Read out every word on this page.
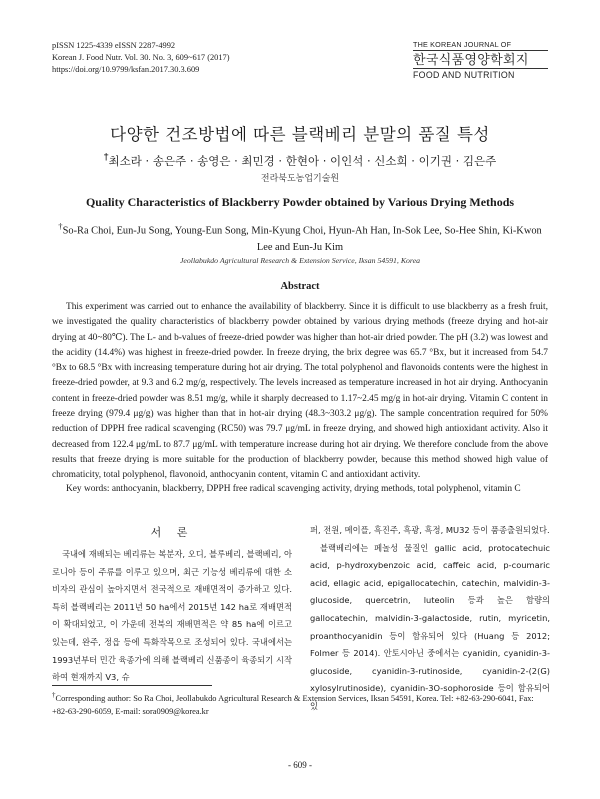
pISSN 1225-4339 eISSN 2287-4992
Korean J. Food Nutr. Vol. 30. No. 3, 609~617 (2017)
https://doi.org/10.9799/ksfan.2017.30.3.609
THE KOREAN JOURNAL OF
한국식품영양학회지
FOOD AND NUTRITION
다양한 건조방법에 따른 블랙베리 분말의 품질 특성
†최소라 · 송은주 · 송영은 · 최민경 · 한현아 · 이인석 · 신소희 · 이기권 · 김은주
전라북도농업기술원
Quality Characteristics of Blackberry Powder obtained by Various Drying Methods
†So-Ra Choi, Eun-Ju Song, Young-Eun Song, Min-Kyung Choi, Hyun-Ah Han, In-Sok Lee, So-Hee Shin, Ki-Kwon Lee and Eun-Ju Kim
Jeollabukdo Agricultural Research & Extension Service, Iksan 54591, Korea
Abstract

This experiment was carried out to enhance the availability of blackberry. Since it is difficult to use blackberry as a fresh fruit, we investigated the quality characteristics of blackberry powder obtained by various drying methods (freeze drying and hot-air drying at 40~80℃). The L- and b-values of freeze-dried powder was higher than hot-air dried powder. The pH (3.2) was lowest and the acidity (14.4%) was highest in freeze-dried powder. In freeze drying, the brix degree was 65.7 °Bx, but it increased from 54.7 °Bx to 68.5 °Bx with increasing temperature during hot air drying. The total polyphenol and flavonoids contents were the highest in freeze-dried powder, at 9.3 and 6.2 mg/g, respectively. The levels increased as temperature increased in hot air drying. Anthocyanin content in freeze-dried powder was 8.51 mg/g, while it sharply decreased to 1.17~2.45 mg/g in hot-air drying. Vitamin C content in freeze drying (979.4 μg/g) was higher than that in hot-air drying (48.3~303.2 μg/g). The sample concentration required for 50% reduction of DPPH free radical scavenging (RC50) was 79.7 μg/mL in freeze drying, and showed high antioxidant activity. Also it decreased from 122.4 μg/mL to 87.7 μg/mL with temperature increase during hot air drying. We therefore conclude from the above results that freeze drying is more suitable for the production of blackberry powder, because this method showed high value of chromaticity, total polyphenol, flavonoid, anthocyanin content, vitamin C and antioxidant activity.

Key words: anthocyanin, blackberry, DPPH free radical scavenging activity, drying methods, total polyphenol, vitamin C
서 론

국내에 재배되는 베리류는 복분자, 오디, 블루베리, 블랙베리, 아로니아 등이 주류를 이루고 있으며, 최근 기능성 베리류에 대한 소비자의 관심이 높아지면서 전국적으로 재배면적이 증가하고 있다. 특히 블랙베리는 2011년 50 ha에서 2015년 142 ha로 재배면적이 확대되었고, 이 가운데 전북의 재배면적은 약 85 ha에 이르고 있는데, 완주, 정읍 등에 특화작목으로 조성되어 있다. 국내에서는 1993년부터 민간 육종가에 의해 블랙베리 신품종이 육종되기 시작하여 현재까지 V3, 슈

퍼, 전원, 메이플, 흑진주, 흑광, 흑정, MU32 등이 품종출원되었다.

블랙베리에는 페놀성 물질인 gallic acid, protocatechuic acid, p-hydroxybenzoic acid, caffeic acid, p-coumaric acid, ellagic acid, epigallocatechin, catechin, malvidin-3-glucoside, quercetrin, luteolin 등과 높은 함량의 gallocatechin, malvidin-3-galactoside, rutin, myricetin, proanthocyanidin 등이 함유되어 있다 (Huang 등 2012; Folmer 등 2014). 안토시아닌 중에서는 cyanidin, cyanidin-3-glucoside, cyanidin-3-rutinoside, cyanidin-2-(2(G) xylosylrutinoside), cyanidin-3O-sophoroside 등이 함유되어 있

†Corresponding author: So Ra Choi, Jeollabukdo Agricultural Research & Extension Services, Iksan 54591, Korea. Tel: +82-63-290-6041, Fax: +82-63-290-6059, E-mail: sora0909@korea.kr
- 609 -
